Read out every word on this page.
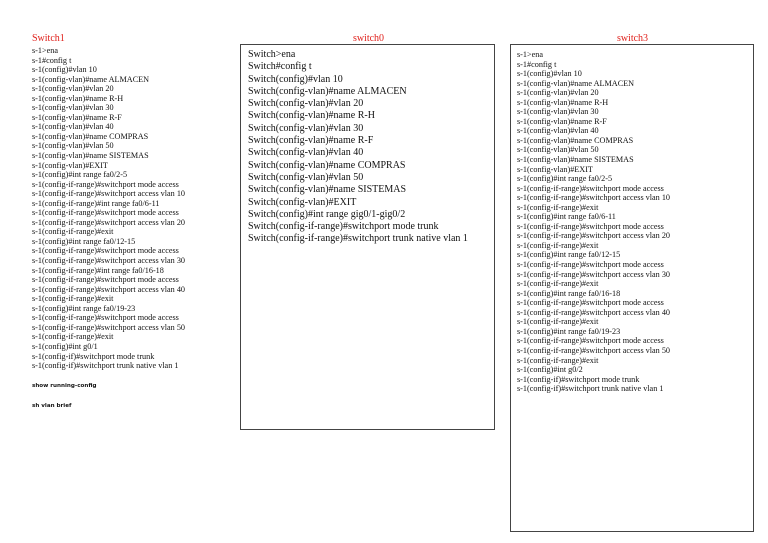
Switch1
s-1>ena
s-1#config t
s-1(config)#vlan 10
s-1(config-vlan)#name ALMACEN
s-1(config-vlan)#vlan 20
s-1(config-vlan)#name R-H
s-1(config-vlan)#vlan 30
s-1(config-vlan)#name R-F
s-1(config-vlan)#vlan 40
s-1(config-vlan)#name COMPRAS
s-1(config-vlan)#vlan 50
s-1(config-vlan)#name SISTEMAS
s-1(config-vlan)#EXIT
s-1(config)#int range fa0/2-5
s-1(config-if-range)#switchport mode access
s-1(config-if-range)#switchport access vlan 10
s-1(config-if-range)#int range fa0/6-11
s-1(config-if-range)#switchport mode access
s-1(config-if-range)#switchport access vlan 20
s-1(config-if-range)#exit
s-1(config)#int range fa0/12-15
s-1(config-if-range)#switchport mode access
s-1(config-if-range)#switchport access vlan 30
s-1(config-if-range)#int range fa0/16-18
s-1(config-if-range)#switchport mode access
s-1(config-if-range)#switchport access vlan 40
s-1(config-if-range)#exit
s-1(config)#int range fa0/19-23
s-1(config-if-range)#switchport mode access
s-1(config-if-range)#switchport access vlan 50
s-1(config-if-range)#exit
s-1(config)#int g0/1
s-1(config-if)#switchport mode trunk
s-1(config-if)#switchport trunk native vlan 1
show running-config
sh vlan brief
switch0
Switch>ena
Switch#config t
Switch(config)#vlan 10
Switch(config-vlan)#name ALMACEN
Switch(config-vlan)#vlan 20
Switch(config-vlan)#name R-H
Switch(config-vlan)#vlan 30
Switch(config-vlan)#name R-F
Switch(config-vlan)#vlan 40
Switch(config-vlan)#name COMPRAS
Switch(config-vlan)#vlan 50
Switch(config-vlan)#name SISTEMAS
Switch(config-vlan)#EXIT
Switch(config)#int range gig0/1-gig0/2
Switch(config-if-range)#switchport mode trunk
Switch(config-if-range)#switchport trunk native vlan 1
switch3
s-1>ena
s-1#config t
s-1(config)#vlan 10
s-1(config-vlan)#name ALMACEN
s-1(config-vlan)#vlan 20
s-1(config-vlan)#name R-H
s-1(config-vlan)#vlan 30
s-1(config-vlan)#name R-F
s-1(config-vlan)#vlan 40
s-1(config-vlan)#name COMPRAS
s-1(config-vlan)#vlan 50
s-1(config-vlan)#name SISTEMAS
s-1(config-vlan)#EXIT
s-1(config)#int range fa0/2-5
s-1(config-if-range)#switchport mode access
s-1(config-if-range)#switchport access vlan 10
s-1(config-if-range)#exit
s-1(config)#int range fa0/6-11
s-1(config-if-range)#switchport mode access
s-1(config-if-range)#switchport access vlan 20
s-1(config-if-range)#exit
s-1(config)#int range fa0/12-15
s-1(config-if-range)#switchport mode access
s-1(config-if-range)#switchport access vlan 30
s-1(config-if-range)#exit
s-1(config)#int range fa0/16-18
s-1(config-if-range)#switchport mode access
s-1(config-if-range)#switchport access vlan 40
s-1(config-if-range)#exit
s-1(config)#int range fa0/19-23
s-1(config-if-range)#switchport mode access
s-1(config-if-range)#switchport access vlan 50
s-1(config-if-range)#exit
s-1(config)#int g0/2
s-1(config-if)#switchport mode trunk
s-1(config-if)#switchport trunk native vlan 1
